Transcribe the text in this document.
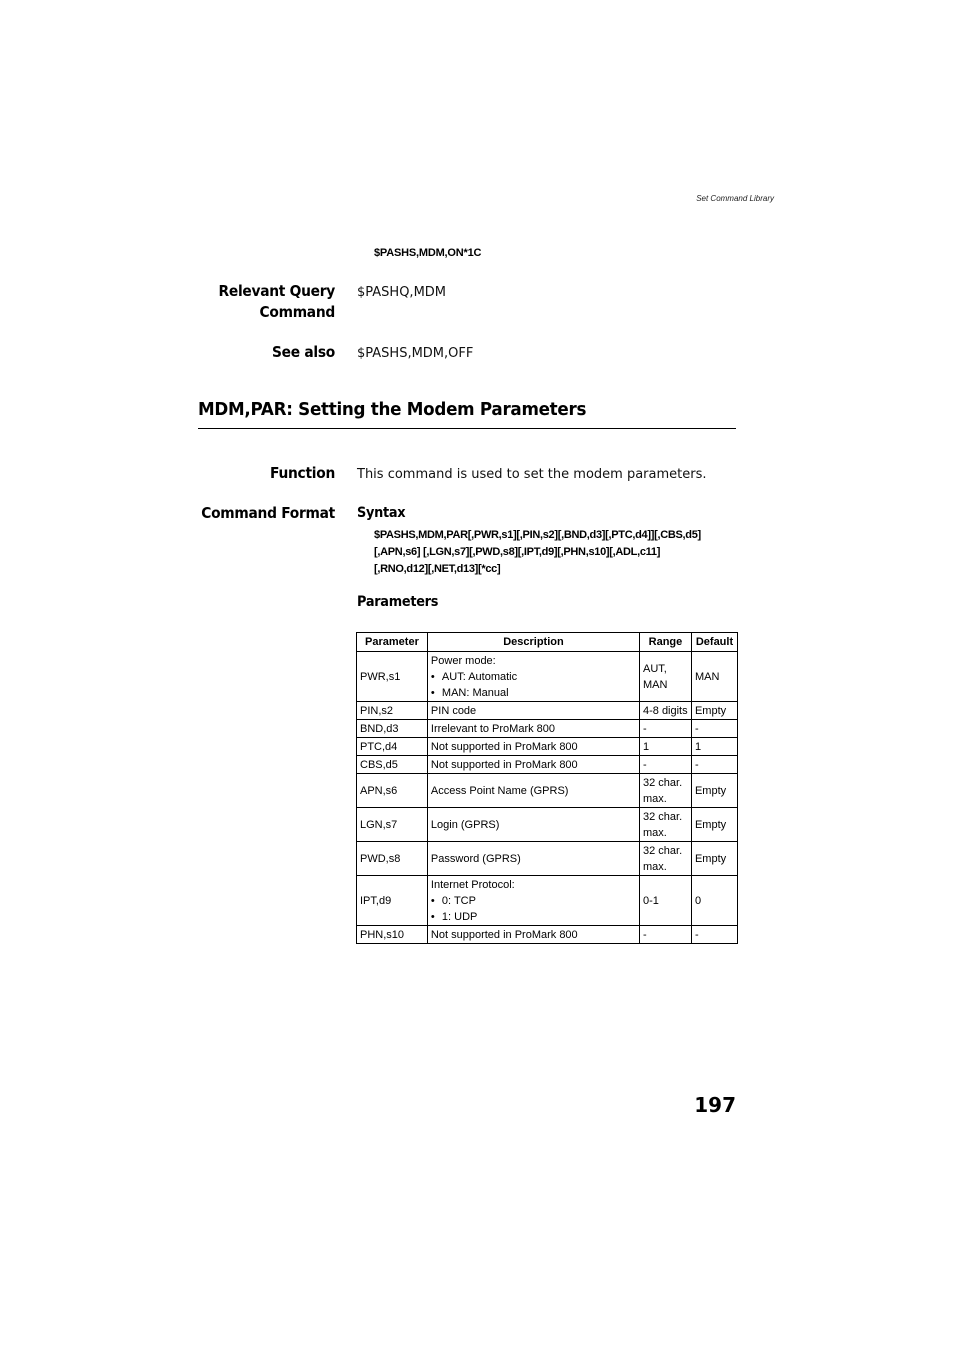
Set Command Library
$PASHS,MDM,ON*1C
Relevant Query
Command
$PASHQ,MDM
See also $PASHS,MDM,OFF
MDM,PAR: Setting the Modem Parameters
Function This command is used to set the modem parameters.
Command Format Syntax
$PASHS,MDM,PAR[,PWR,s1][,PIN,s2][,BND,d3][,PTC,d4]][,CBS,d5]
[,APN,s6] [,LGN,s7][,PWD,s8][,IPT,d9][,PHN,s10][,ADL,c11]
[,RNO,d12][,NET,d13][*cc]
Parameters
Parameter	Description	Range	Default
PWR,s1	Power mode:
• AUT: Automatic
• MAN: Manual	AUT, MAN	MAN
PIN,s2	PIN code	4-8 digits	Empty
BND,d3	Irrelevant to ProMark 800	-	-
PTC,d4	Not supported in ProMark 800	1	1
CBS,d5	Not supported in ProMark 800	-	-
APN,s6	Access Point Name (GPRS)	32 char. max.	Empty
LGN,s7	Login (GPRS)	32 char. max.	Empty
PWD,s8	Password (GPRS)	32 char. max.	Empty
IPT,d9	Internet Protocol:
• 0: TCP
• 1: UDP	0-1	0
PHN,s10	Not supported in ProMark 800	-	-
197
